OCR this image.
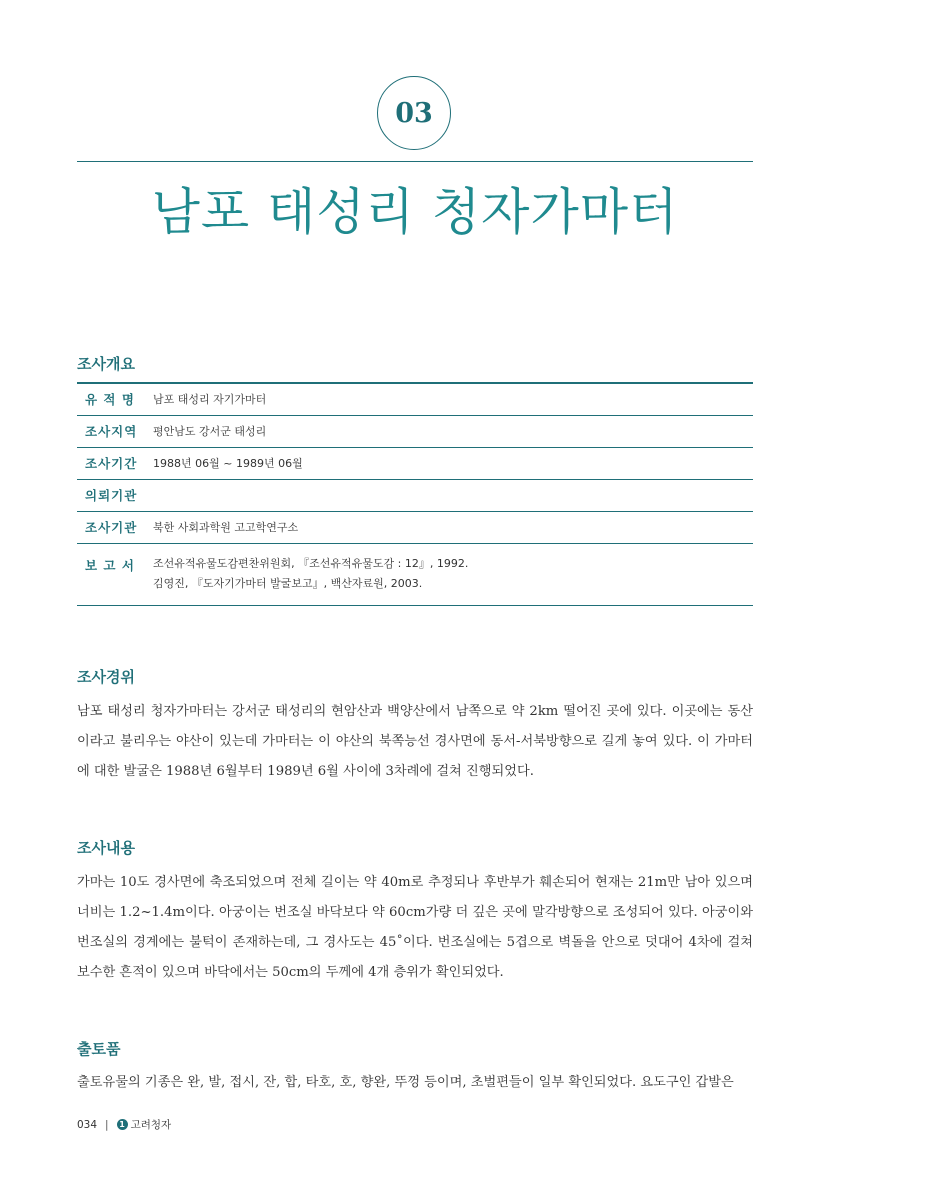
03
남포 태성리 청자가마터
조사개요
유 적 명	남포 태성리 자기가마터
조사지역	평안남도 강서군 태성리
조사기간	1988년 06월 ~ 1989년 06월
의뢰기관	
조사기관	북한 사회과학원 고고학연구소
보 고 서	조선유적유물도감편찬위원회, 『조선유적유물도감 : 12』, 1992.
김영진, 『도자기가마터 발굴보고』, 백산자료원, 2003.
조사경위

남포 태성리 청자가마터는 강서군 태성리의 현암산과 백양산에서 남쪽으로 약 2km 떨어진 곳에 있다. 이곳에는 동산이라고 불리우는 야산이 있는데 가마터는 이 야산의 북쪽능선 경사면에 동서-서북방향으로 길게 놓여 있다. 이 가마터에 대한 발굴은 1988년 6월부터 1989년 6월 사이에 3차례에 걸쳐 진행되었다.

조사내용

가마는 10도 경사면에 축조되었으며 전체 길이는 약 40m로 추정되나 후반부가 훼손되어 현재는 21m만 남아 있으며 너비는 1.2~1.4m이다. 아궁이는 번조실 바닥보다 약 60cm가량 더 깊은 곳에 말각방향으로 조성되어 있다. 아궁이와 번조실의 경계에는 불턱이 존재하는데, 그 경사도는 45˚이다. 번조실에는 5겹으로 벽돌을 안으로 덧대어 4차에 걸쳐 보수한 흔적이 있으며 바닥에서는 50cm의 두께에 4개 층위가 확인되었다.

출토품

출토유물의 기종은 완, 발, 접시, 잔, 합, 타호, 호, 향완, 뚜껑 등이며, 초벌편들이 일부 확인되었다. 요도구인 갑발은

034 |	1 고려청자
